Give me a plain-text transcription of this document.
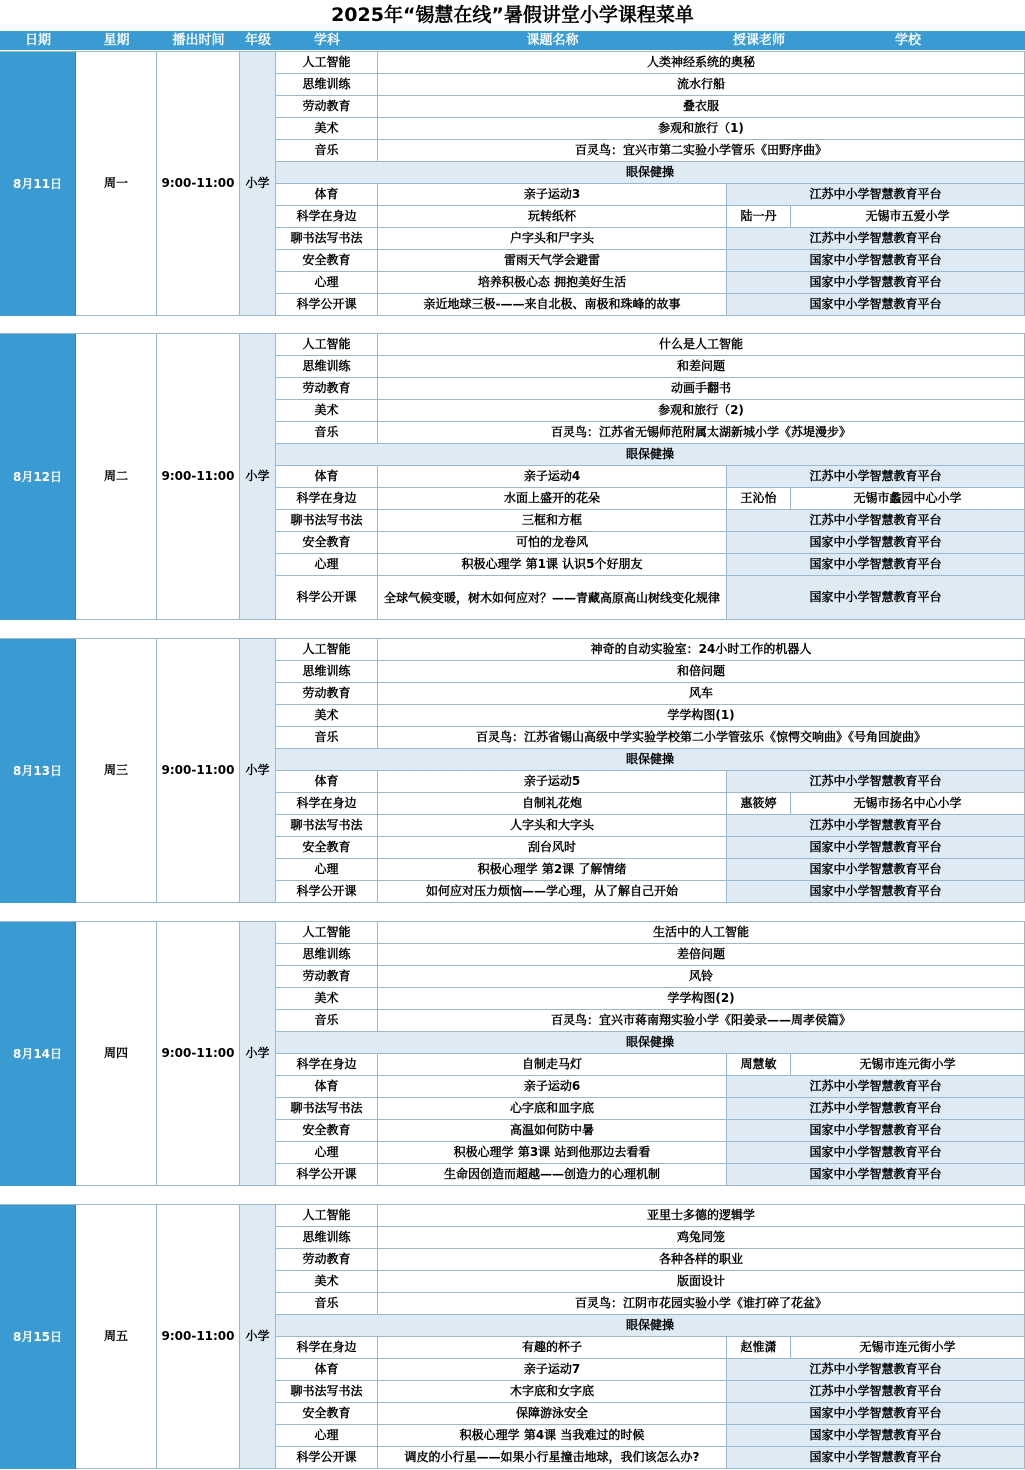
2025年“锡慧在线”暑假讲堂小学课程菜单
日期	星期	播出时间	年级	学科	课题名称	授课老师	学校
8月11日	周一	9:00-11:00 小学
人工智能	人类神经系统的奥秘
思维训练	流水行船
劳动教育	叠衣服
美术	参观和旅行（1)
音乐	百灵鸟：宜兴市第二实验小学管乐《田野序曲》
眼保健操
体育	亲子运动3	江苏中小学智慧教育平台
科学在身边	玩转纸杯	陆一丹	无锡市五爱小学
聊书法写书法	户字头和尸字头	江苏中小学智慧教育平台
安全教育	雷雨天气学会避雷	国家中小学智慧教育平台
心理	培养积极心态 拥抱美好生活	国家中小学智慧教育平台
科学公开课	亲近地球三极-——来自北极、南极和珠峰的故事	国家中小学智慧教育平台
8月12日	周二	9:00-11:00 小学
人工智能	什么是人工智能
思维训练	和差问题
劳动教育	动画手翻书
美术	参观和旅行（2)
音乐	百灵鸟：江苏省无锡师范附属太湖新城小学《苏堤漫步》
眼保健操
体育	亲子运动4	江苏中小学智慧教育平台
科学在身边	水面上盛开的花朵	王沁怡	无锡市蠡园中心小学
聊书法写书法	三框和方框	江苏中小学智慧教育平台
安全教育	可怕的龙卷风	国家中小学智慧教育平台
心理	积极心理学 第1课 认识5个好朋友	国家中小学智慧教育平台
科学公开课	全球气候变暖，树木如何应对？——青藏高原高山树线变化规律	国家中小学智慧教育平台
8月13日	周三	9:00-11:00 小学
人工智能	神奇的自动实验室：24小时工作的机器人
思维训练	和倍问题
劳动教育	风车
美术	学学构图(1)
音乐	百灵鸟：江苏省锡山高级中学实验学校第二小学管弦乐《惊愕交响曲》《号角回旋曲》
眼保健操
体育	亲子运动5	江苏中小学智慧教育平台
科学在身边	自制礼花炮	惠筱婷	无锡市扬名中心小学
聊书法写书法	人字头和大字头	江苏中小学智慧教育平台
安全教育	刮台风时	国家中小学智慧教育平台
心理	积极心理学 第2课 了解情绪	国家中小学智慧教育平台
科学公开课	如何应对压力烦恼——学心理，从了解自己开始	国家中小学智慧教育平台
8月14日	周四	9:00-11:00 小学
人工智能	生活中的人工智能
思维训练	差倍问题
劳动教育	风铃
美术	学学构图(2)
音乐	百灵鸟：宜兴市蒋南翔实验小学《阳姜录——周孝侯篇》
眼保健操
科学在身边	自制走马灯	周慧敏	无锡市连元街小学
体育	亲子运动6	江苏中小学智慧教育平台
聊书法写书法	心字底和皿字底	江苏中小学智慧教育平台
安全教育	高温如何防中暑	国家中小学智慧教育平台
心理	积极心理学 第3课 站到他那边去看看	国家中小学智慧教育平台
科学公开课	生命因创造而超越——创造力的心理机制	国家中小学智慧教育平台
8月15日	周五	9:00-11:00 小学
人工智能	亚里士多德的逻辑学
思维训练	鸡兔同笼
劳动教育	各种各样的职业
美术	版面设计
音乐	百灵鸟：江阴市花园实验小学《谁打碎了花盆》
眼保健操
科学在身边	有趣的杯子	赵惟潇	无锡市连元街小学
体育	亲子运动7	江苏中小学智慧教育平台
聊书法写书法	木字底和女字底	江苏中小学智慧教育平台
安全教育	保障游泳安全	国家中小学智慧教育平台
心理	积极心理学 第4课 当我难过的时候	国家中小学智慧教育平台
科学公开课	调皮的小行星——如果小行星撞击地球，我们该怎么办?	国家中小学智慧教育平台
